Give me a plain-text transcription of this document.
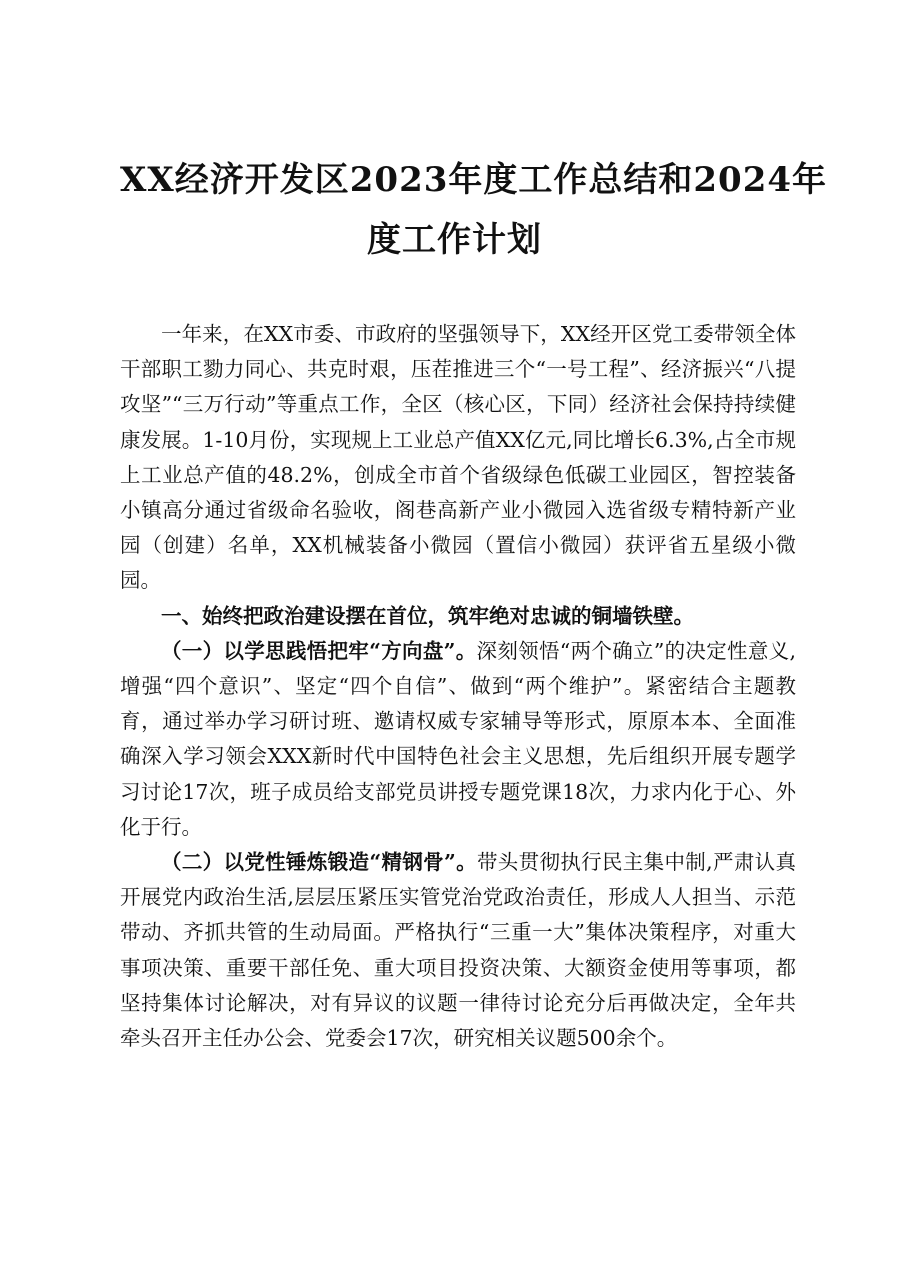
XX经济开发区2023年度工作总结和2024年
度工作计划

一年来，在XX市委、市政府的坚强领导下，XX经开区党工委带领全体干部职工勠力同心、共克时艰，压茬推进三个“一号工程”、经济振兴“八提攻坚”“三万行动”等重点工作，全区（核心区，下同）经济社会保持持续健康发展。1-10月份，实现规上工业总产值XX亿元,同比增长6.3%,占全市规上工业总产值的48.2%，创成全市首个省级绿色低碳工业园区，智控装备小镇高分通过省级命名验收，阁巷高新产业小微园入选省级专精特新产业园（创建）名单，XX机械装备小微园（置信小微园）获评省五星级小微园。

一、始终把政治建设摆在首位，筑牢绝对忠诚的铜墙铁壁。

（一）以学思践悟把牢“方向盘”。深刻领悟“两个确立”的决定性意义,增强“四个意识”、坚定“四个自信”、做到“两个维护”。紧密结合主题教育，通过举办学习研讨班、邀请权威专家辅导等形式，原原本本、全面准确深入学习领会XXX新时代中国特色社会主义思想，先后组织开展专题学习讨论17次，班子成员给支部党员讲授专题党课18次，力求内化于心、外化于行。

（二）以党性锤炼锻造“精钢骨”。带头贯彻执行民主集中制,严肃认真开展党内政治生活,层层压紧压实管党治党政治责任，形成人人担当、示范带动、齐抓共管的生动局面。严格执行“三重一大”集体决策程序，对重大事项决策、重要干部任免、重大项目投资决策、大额资金使用等事项，都坚持集体讨论解决，对有异议的议题一律待讨论充分后再做决定，全年共牵头召开主任办公会、党委会17次，研究相关议题500余个。
